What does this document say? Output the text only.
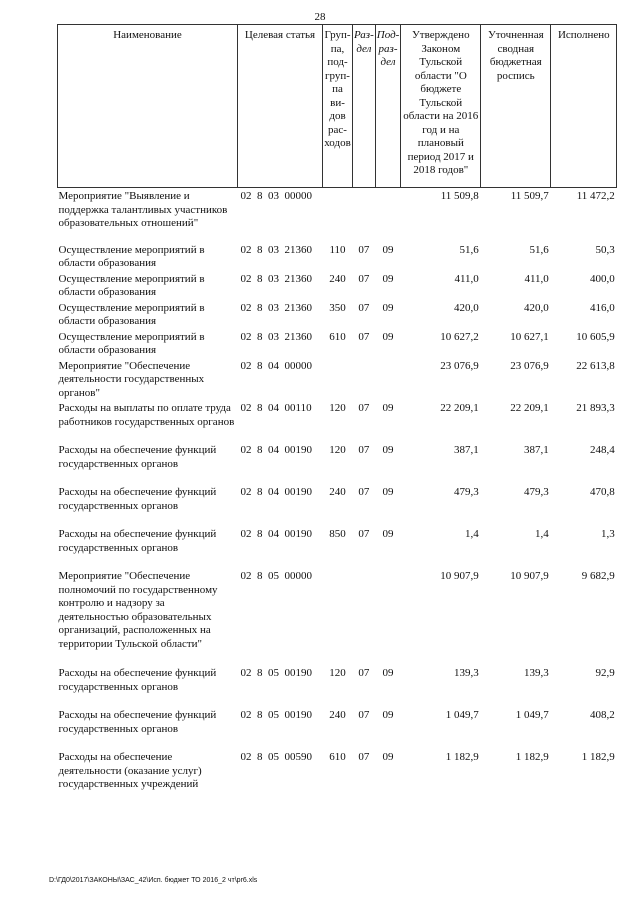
28
Наименование	Целевая статья	Груп-па, под-груп-па ви-дов рас-ходов	Раз-дел	Под-раз-дел	Утверждено Законом Тульской области "О бюджете Тульской области на 2016 год и на плановый период 2017 и 2018 годов"	Уточненная сводная бюджетная роспись	Исполнено
Мероприятие "Выявление и поддержка талантливых участников образовательных отношений"	02  8  03  00000				11 509,8	11 509,7	11 472,2
Осуществление мероприятий в области образования	02  8  03  21360	110	07	09	51,6	51,6	50,3
Осуществление мероприятий в области образования	02  8  03  21360	240	07	09	411,0	411,0	400,0
Осуществление мероприятий в области образования	02  8  03  21360	350	07	09	420,0	420,0	416,0
Осуществление мероприятий в области образования	02  8  03  21360	610	07	09	10 627,2	10 627,1	10 605,9
Мероприятие "Обеспечение деятельности государственных органов"	02  8  04  00000				23 076,9	23 076,9	22 613,8
Расходы на выплаты по оплате труда работников государственных органов	02  8  04  00110	120	07	09	22 209,1	22 209,1	21 893,3
Расходы на обеспечение функций государственных органов	02  8  04  00190	120	07	09	387,1	387,1	248,4
Расходы на обеспечение функций государственных органов	02  8  04  00190	240	07	09	479,3	479,3	470,8
Расходы на обеспечение функций государственных органов	02  8  04  00190	850	07	09	1,4	1,4	1,3
Мероприятие "Обеспечение полномочий по государственному контролю и надзору за деятельностью образовательных организаций, расположенных на территории Тульской области"	02  8  05  00000				10 907,9	10 907,9	9 682,9
Расходы на обеспечение функций государственных органов	02  8  05  00190	120	07	09	139,3	139,3	92,9
Расходы на обеспечение функций государственных органов	02  8  05  00190	240	07	09	1 049,7	1 049,7	408,2
Расходы на обеспечение деятельности (оказание услуг) государственных учреждений	02  8  05  00590	610	07	09	1 182,9	1 182,9	1 182,9
D:\ГД0\2017\ЗАКОНЫ\ЗАС_42\Исп. бюджет ТО 2016_2 чт\pr6.xls
